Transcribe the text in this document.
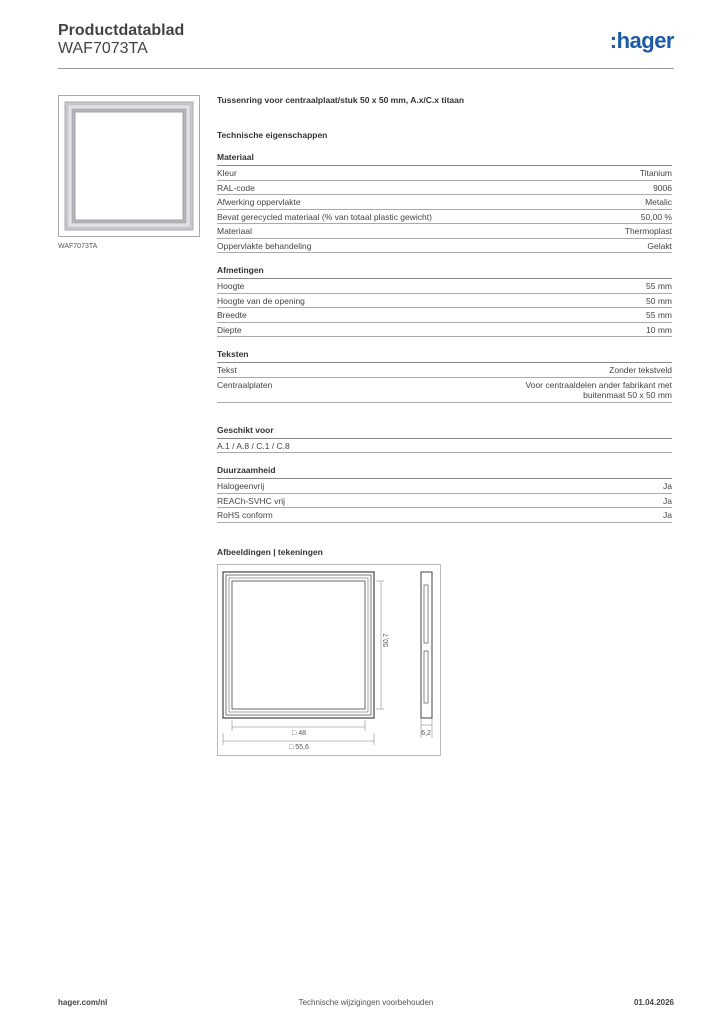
Productdatablad
WAF7073TA	:hager
WAF7073TA
Tussenring voor centraalplaat/stuk 50 x 50 mm, A.x/C.x titaan
Technische eigenschappen
Materiaal
Kleur	Titanium
RAL-code	9006
Afwerking oppervlakte	Metalic
Bevat gerecycled materiaal (% van totaal plastic gewicht)	50,00 %
Materiaal	Thermoplast
Oppervlakte behandeling	Gelakt
Afmetingen
Hoogte	55 mm
Hoogte van de opening	50 mm
Breedte	55 mm
Diepte	10 mm
Teksten
Tekst	Zonder tekstveld
Centraalplaten	Voor centraaldelen ander fabrikant met buitenmaat 50 x 50 mm
Geschikt voor
A.1 / A.8 / C.1 / C.8
Duurzaamheid
Halogeenvrij	Ja
REACh-SVHC vrij	Ja
RoHS conform	Ja
Afbeeldingen | tekeningen
50,7
□ 48
□ 55,6
6,2
hager.com/nl	Technische wijzigingen voorbehouden	01.04.2026
